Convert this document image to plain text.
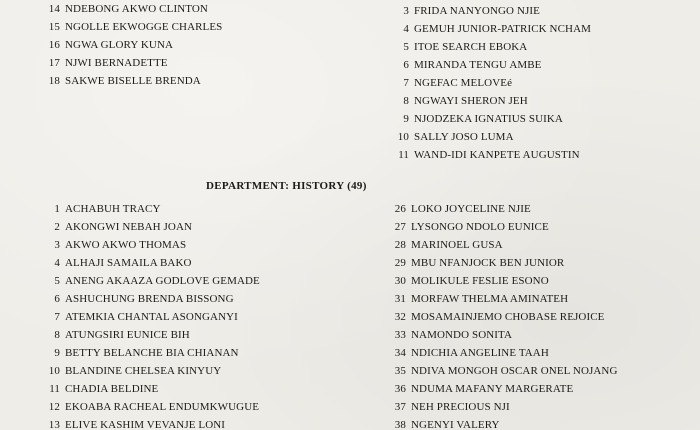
14 NDEBONG AKWO CLINTON
15 NGOLLE EKWOGGE CHARLES
16 NGWA GLORY KUNA
17 NJWI BERNADETTE
18 SAKWE BISELLE BRENDA
3 FRIDA NANYONGO NJIE
4 GEMUH JUNIOR-PATRICK NCHAM
5 ITOE SEARCH EBOKA
6 MIRANDA TENGU AMBE
7 NGEFAC MELOVEé
8 NGWAYI SHERON JEH
9 NJODZEKA IGNATIUS SUIKA
10 SALLY JOSO LUMA
11 WAND-IDI KANPETE AUGUSTIN
DEPARTMENT: HISTORY (49)
1 ACHABUH TRACY
2 AKONGWI NEBAH JOAN
3 AKWO AKWO THOMAS
4 ALHAJI SAMAILA BAKO
5 ANENG AKAAZA GODLOVE GEMADE
6 ASHUCHUNG BRENDA BISSONG
7 ATEMKIA CHANTAL ASONGANYI
8 ATUNGSIRI EUNICE BIH
9 BETTY BELANCHE BIA CHIANAN
10 BLANDINE CHELSEA KINYUY
11 CHADIA BELDINE
12 EKOABA RACHEAL ENDUMKWUGUE
13 ELIVE KASHIM VEVANJE LONI
26 LOKO JOYCELINE NJIE
27 LYSONGO NDOLO EUNICE
28 MARINOEL GUSA
29 MBU NFANJOCK BEN JUNIOR
30 MOLIKULE FESLIE ESONO
31 MORFAW THELMA AMINATEH
32 MOSAMAINJEMO CHOBASE REJOICE
33 NAMONDO SONITA
34 NDICHIA ANGELINE TAAH
35 NDIVA MONGOH OSCAR ONEL NOJANG
36 NDUMA MAFANY MARGERATE
37 NEH PRECIOUS NJI
38 NGENYI VALERY
